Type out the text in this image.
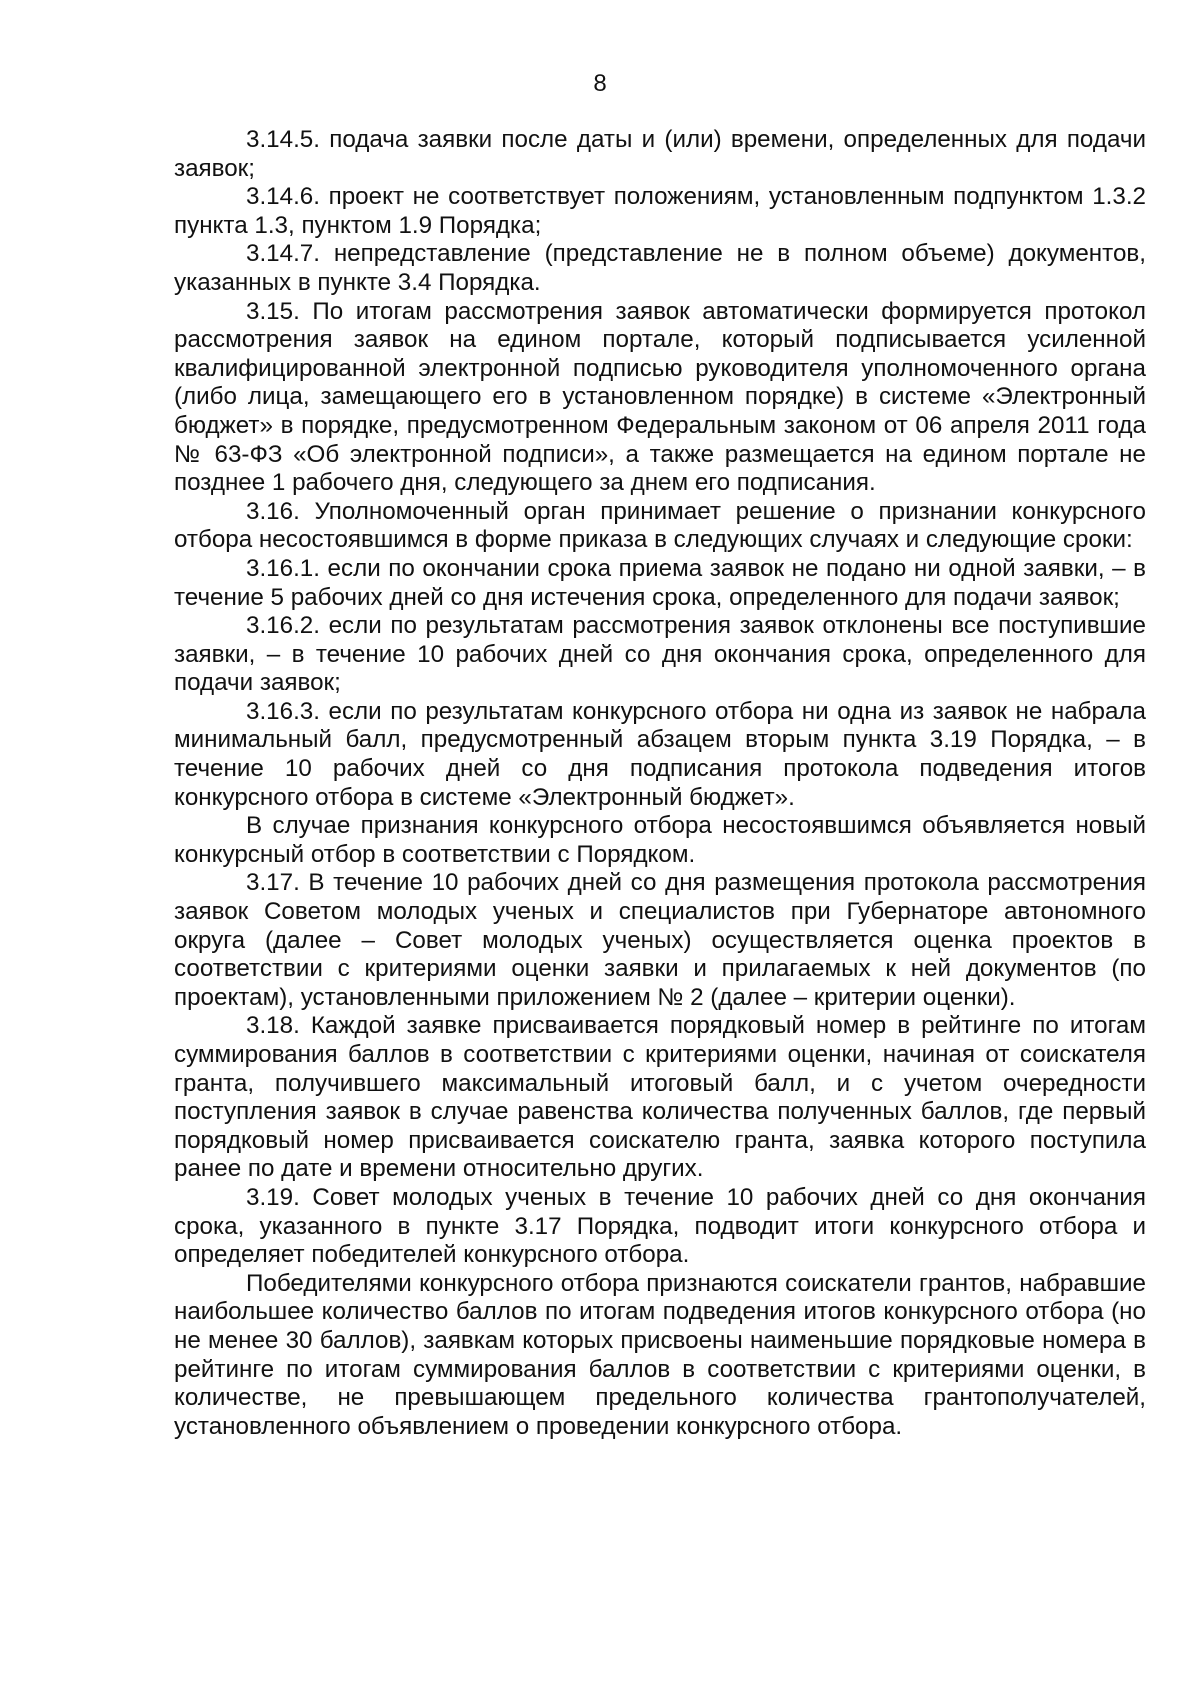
8

3.14.5. подача заявки после даты и (или) времени, определенных для подачи заявок;

3.14.6. проект не соответствует положениям, установленным подпунктом 1.3.2 пункта 1.3, пунктом 1.9 Порядка;

3.14.7. непредставление (представление не в полном объеме) документов, указанных в пункте 3.4 Порядка.

3.15. По итогам рассмотрения заявок автоматически формируется протокол рассмотрения заявок на едином портале, который подписывается усиленной квалифицированной электронной подписью руководителя уполномоченного органа (либо лица, замещающего его в установленном порядке) в системе «Электронный бюджет» в порядке, предусмотренном Федеральным законом от 06 апреля 2011 года № 63-ФЗ «Об электронной подписи», а также размещается на едином портале не позднее 1 рабочего дня, следующего за днем его подписания.

3.16. Уполномоченный орган принимает решение о признании конкурсного отбора несостоявшимся в форме приказа в следующих случаях и следующие сроки:

3.16.1. если по окончании срока приема заявок не подано ни одной заявки, – в течение 5 рабочих дней со дня истечения срока, определенного для подачи заявок;

3.16.2. если по результатам рассмотрения заявок отклонены все поступившие заявки, – в течение 10 рабочих дней со дня окончания срока, определенного для подачи заявок;

3.16.3. если по результатам конкурсного отбора ни одна из заявок не набрала минимальный балл, предусмотренный абзацем вторым пункта 3.19 Порядка, – в течение 10 рабочих дней со дня подписания протокола подведения итогов конкурсного отбора в системе «Электронный бюджет».

В случае признания конкурсного отбора несостоявшимся объявляется новый конкурсный отбор в соответствии с Порядком.

3.17. В течение 10 рабочих дней со дня размещения протокола рассмотрения заявок Советом молодых ученых и специалистов при Губернаторе автономного округа (далее – Совет молодых ученых) осуществляется оценка проектов в соответствии с критериями оценки заявки и прилагаемых к ней документов (по проектам), установленными приложением № 2 (далее – критерии оценки).

3.18. Каждой заявке присваивается порядковый номер в рейтинге по итогам суммирования баллов в соответствии с критериями оценки, начиная от соискателя гранта, получившего максимальный итоговый балл, и с учетом очередности поступления заявок в случае равенства количества полученных баллов, где первый порядковый номер присваивается соискателю гранта, заявка которого поступила ранее по дате и времени относительно других.

3.19. Совет молодых ученых в течение 10 рабочих дней со дня окончания срока, указанного в пункте 3.17 Порядка, подводит итоги конкурсного отбора и определяет победителей конкурсного отбора.

Победителями конкурсного отбора признаются соискатели грантов, набравшие наибольшее количество баллов по итогам подведения итогов конкурсного отбора (но не менее 30 баллов), заявкам которых присвоены наименьшие порядковые номера в рейтинге по итогам суммирования баллов в соответствии с критериями оценки, в количестве, не превышающем предельного количества грантополучателей, установленного объявлением о проведении конкурсного отбора.
